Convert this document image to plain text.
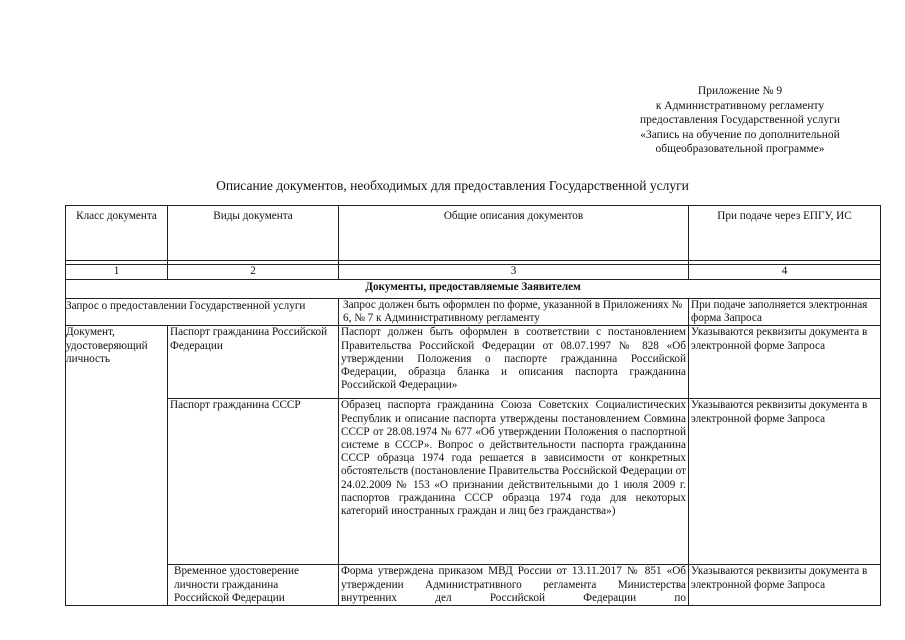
Приложение № 9
к Административному регламенту
предоставления Государственной услуги
«Запись на обучение по дополнительной
общеобразовательной программе»
Описание документов, необходимых для предоставления Государственной услуги
Класс документа	Виды документа	Общие описания документов	При подаче через ЕПГУ, ИС

1	2	3	4
Документы, предоставляемые Заявителем			
Запрос о предоставлении Государственной услуги		Запрос должен быть оформлен по форме, указанной в Приложениях № 6, № 7 к Административному регламенту	При подаче заполняется электронная форма Запроса
Документ, удостоверяющий личность	Паспорт гражданина Российской Федерации	Паспорт должен быть оформлен в соответствии с постановлением Правительства Российской Федерации от 08.07.1997 № 828 «Об утверждении Положения о паспорте гражданина Российской Федерации, образца бланка и описания паспорта гражданина Российской Федерации»	Указываются реквизиты документа в электронной форме Запроса
	Паспорт гражданина СССР	Образец паспорта гражданина Союза Советских Социалистических Республик и описание паспорта утверждены постановлением Совмина СССР от 28.08.1974 № 677 «Об утверждении Положения о паспортной системе в СССР». Вопрос о действительности паспорта гражданина СССР образца 1974 года решается в зависимости от конкретных обстоятельств (постановление Правительства Российской Федерации от 24.02.2009 № 153 «О признании действительными до 1 июля 2009 г. паспортов гражданина СССР образца 1974 года для некоторых категорий иностранных граждан и лиц без гражданства»)	Указываются реквизиты документа в электронной форме Запроса
	Временное удостоверение личности гражданина Российской Федерации	Форма утверждена приказом МВД России от 13.11.2017 № 851 «Об утверждении Административного регламента Министерства внутренних дел Российской Федерации по	Указываются реквизиты документа в электронной форме Запроса
